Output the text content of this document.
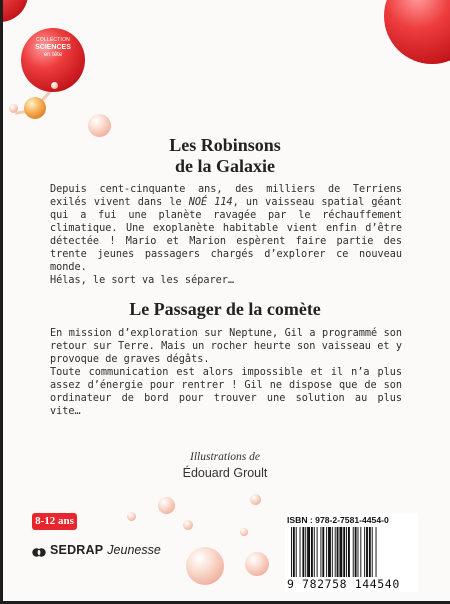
COLLECTION
SCIENCES
en tête
Les Robinsons
de la Galaxie

Depuis cent-cinquante ans, des milliers de Terriens exilés vivent dans le NOÉ 114, un vaisseau spatial géant qui a fui une planète ravagée par le réchauffement climatique. Une exoplanète habitable vient enfin d’être détectée ! Mario et Marion espèrent faire partie des trente jeunes passagers chargés d’explorer ce nouveau monde.

Hélas, le sort va les séparer…

Le Passager de la comète

En mission d’exploration sur Neptune, Gil a programmé son retour sur Terre. Mais un rocher heurte son vaisseau et y provoque de graves dégâts.

Toute communication est alors impossible et il n’a plus assez d’énergie pour rentrer ! Gil ne dispose que de son ordinateur de bord pour trouver une solution au plus vite…

Illustrations de
Édouard Groult
8-12 ans
SEDRAP Jeunesse
ISBN : 978-2-7581-4454-0
9 782758 144540
